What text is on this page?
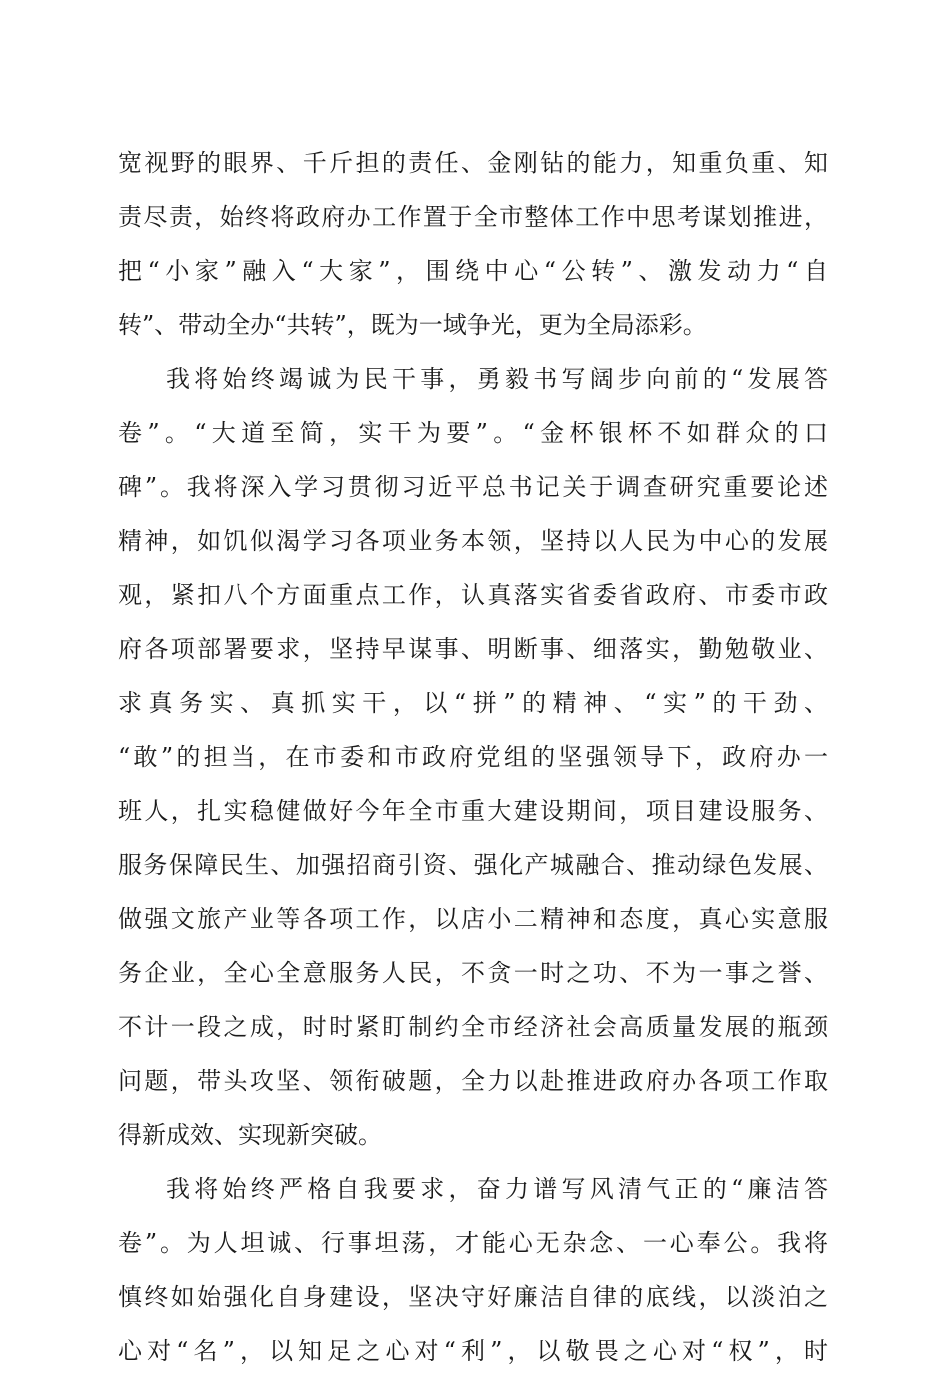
宽视野的眼界、千斤担的责任、金刚钻的能力，知重负重、知
责尽责，始终将政府办工作置于全市整体工作中思考谋划推进，
把“小家”融入“大家”，围绕中心“公转”、激发动力“自
转”、带动全办“共转”，既为一域争光，更为全局添彩。
我将始终竭诚为民干事，勇毅书写阔步向前的“发展答
卷”。“大道至简，实干为要”。“金杯银杯不如群众的口
碑”。我将深入学习贯彻习近平总书记关于调查研究重要论述
精神，如饥似渴学习各项业务本领，坚持以人民为中心的发展
观，紧扣八个方面重点工作，认真落实省委省政府、市委市政
府各项部署要求，坚持早谋事、明断事、细落实，勤勉敬业、
求真务实、真抓实干，以“拼”的精神、“实”的干劲、
“敢”的担当，在市委和市政府党组的坚强领导下，政府办一
班人，扎实稳健做好今年全市重大建设期间，项目建设服务、
服务保障民生、加强招商引资、强化产城融合、推动绿色发展、
做强文旅产业等各项工作，以店小二精神和态度，真心实意服
务企业，全心全意服务人民，不贪一时之功、不为一事之誉、
不计一段之成，时时紧盯制约全市经济社会高质量发展的瓶颈
问题，带头攻坚、领衔破题，全力以赴推进政府办各项工作取
得新成效、实现新突破。
我将始终严格自我要求，奋力谱写风清气正的“廉洁答
卷”。为人坦诚、行事坦荡，才能心无杂念、一心奉公。我将
慎终如始强化自身建设，坚决守好廉洁自律的底线，以淡泊之
心对“名”，以知足之心对“利”，以敬畏之心对“权”，时
